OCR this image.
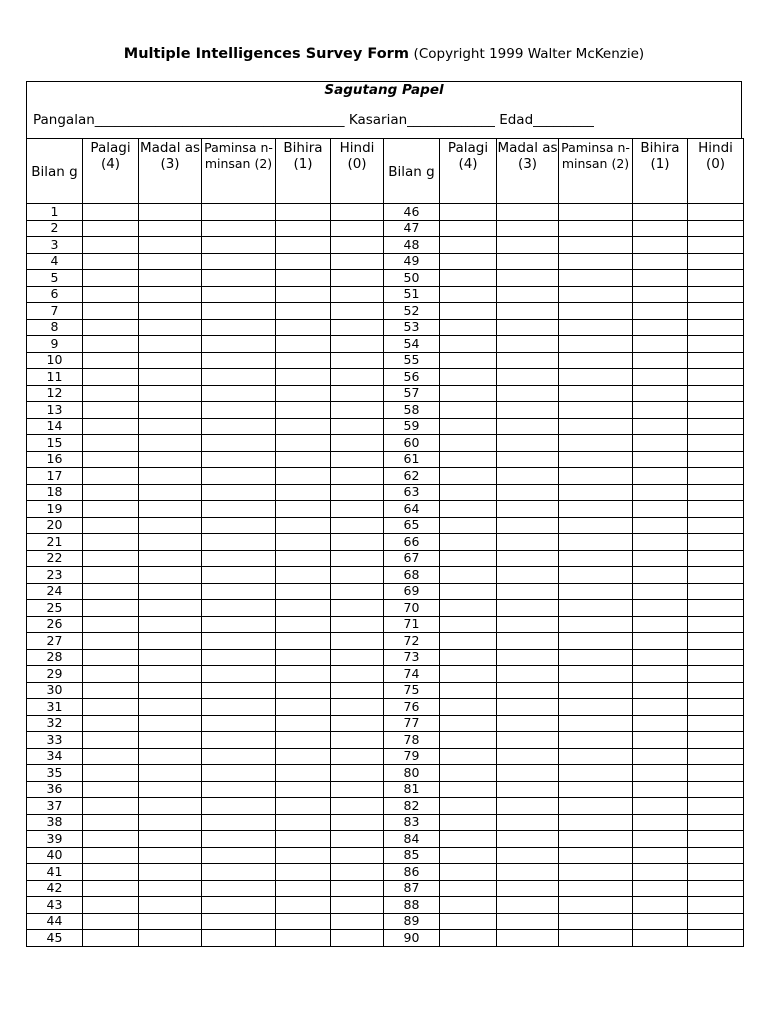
Multiple Intelligences Survey Form (Copyright 1999 Walter McKenzie)
Sagutang Papel
Pangalan_____________________________________ Kasarian_____________ Edad_________
Bilan g	Palagi (4)	Madal as (3)	Paminsa n- minsan (2)	Bihira (1)	Hindi (0)	Bilan g	Palagi (4)	Madal as (3)	Paminsa n- minsan (2)	Bihira (1)	Hindi (0)
1						46					
2						47					
3						48					
4						49					
5						50					
6						51					
7						52					
8						53					
9						54					
10						55					
11						56					
12						57					
13						58					
14						59					
15						60					
16						61					
17						62					
18						63					
19						64					
20						65					
21						66					
22						67					
23						68					
24						69					
25						70					
26						71					
27						72					
28						73					
29						74					
30						75					
31						76					
32						77					
33						78					
34						79					
35						80					
36						81					
37						82					
38						83					
39						84					
40						85					
41						86					
42						87					
43						88					
44						89					
45						90					
